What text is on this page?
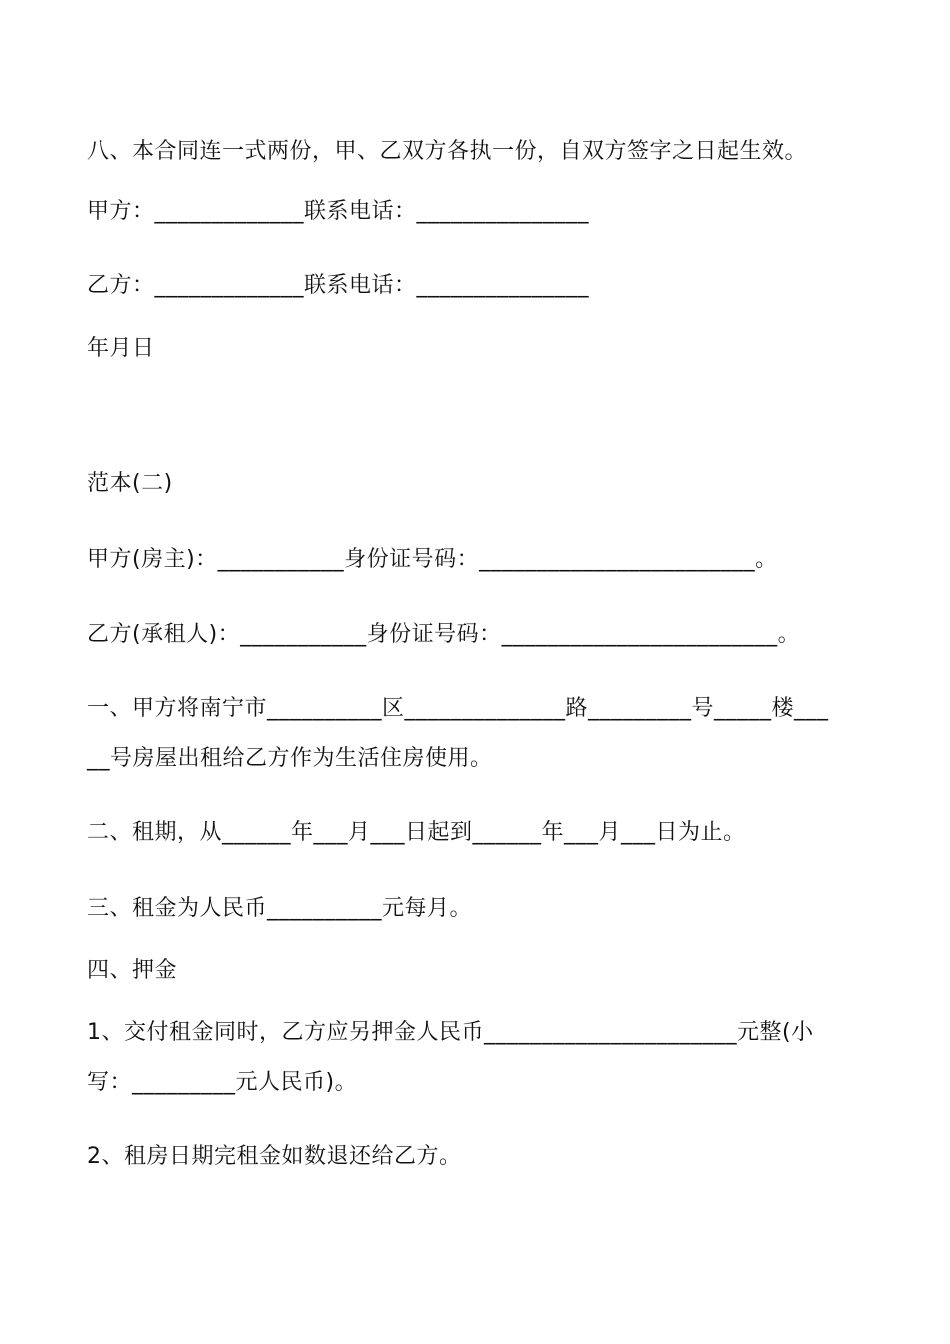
八、本合同连一式两份，甲、乙双方各执一份，自双方签字之日起生效。
甲方：_____________联系电话：_______________
乙方：_____________联系电话：_______________
年月日
范本(二)
甲方(房主)：___________身份证号码：________________________。
乙方(承租人)：___________身份证号码：________________________。
一、甲方将南宁市__________区______________路_________号_____楼___
__号房屋出租给乙方作为生活住房使用。
二、租期，从______年___月___日起到______年___月___日为止。
三、租金为人民币__________元每月。
四、押金
1、交付租金同时，乙方应另押金人民币______________________元整(小
写：_________元人民币)。
2、租房日期完租金如数退还给乙方。
